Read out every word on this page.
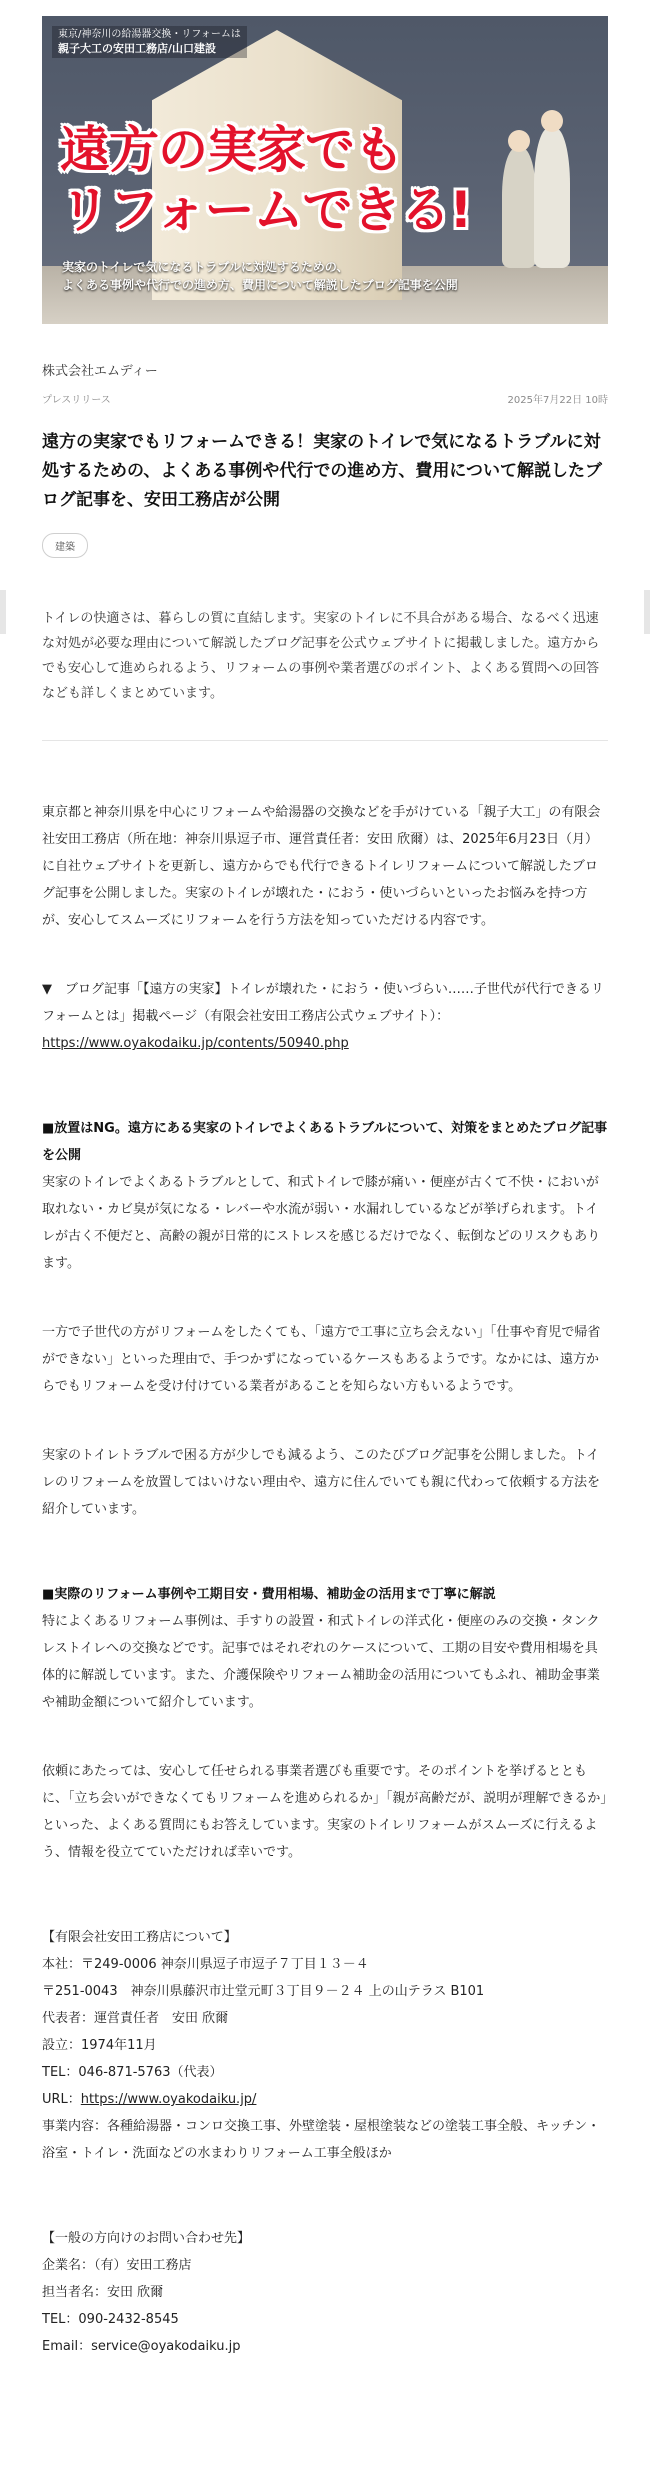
東京/神奈川の給湯器交換・リフォームは
親子大工の安田工務店/山口建設
遠方の実家でも
リフォームできる!
実家のトイレで気になるトラブルに対処するための、
よくある事例や代行での進め方、費用について解説したブログ記事を公開
株式会社エムディー
プレスリリース	2025年7月22日 10時
遠方の実家でもリフォームできる！実家のトイレで気になるトラブルに対処するための、よくある事例や代行での進め方、費用について解説したブログ記事を、安田工務店が公開
建築

トイレの快適さは、暮らしの質に直結します。実家のトイレに不具合がある場合、なるべく迅速な対処が必要な理由について解説したブログ記事を公式ウェブサイトに掲載しました。遠方からでも安心して進められるよう、リフォームの事例や業者選びのポイント、よくある質問への回答なども詳しくまとめています。

東京都と神奈川県を中心にリフォームや給湯器の交換などを手がけている「親子大工」の有限会社安田工務店（所在地：神奈川県逗子市、運営責任者：安田 欣爾）は、2025年6月23日（月）に自社ウェブサイトを更新し、遠方からでも代行できるトイレリフォームについて解説したブログ記事を公開しました。実家のトイレが壊れた・におう・使いづらいといったお悩みを持つ方が、安心してスムーズにリフォームを行う方法を知っていただける内容です。

▼　ブログ記事「【遠方の実家】トイレが壊れた・におう・使いづらい……子世代が代行できるリフォームとは」掲載ページ（有限会社安田工務店公式ウェブサイト）：
https://www.oyakodaiku.jp/contents/50940.php

■放置はNG。遠方にある実家のトイレでよくあるトラブルについて、対策をまとめたブログ記事を公開

実家のトイレでよくあるトラブルとして、和式トイレで膝が痛い・便座が古くて不快・においが取れない・カビ臭が気になる・レバーや水流が弱い・水漏れしているなどが挙げられます。トイレが古く不便だと、高齢の親が日常的にストレスを感じるだけでなく、転倒などのリスクもあります。

一方で子世代の方がリフォームをしたくても、「遠方で工事に立ち会えない」「仕事や育児で帰省ができない」といった理由で、手つかずになっているケースもあるようです。なかには、遠方からでもリフォームを受け付けている業者があることを知らない方もいるようです。

実家のトイレトラブルで困る方が少しでも減るよう、このたびブログ記事を公開しました。トイレのリフォームを放置してはいけない理由や、遠方に住んでいても親に代わって依頼する方法を紹介しています。

■実際のリフォーム事例や工期目安・費用相場、補助金の活用まで丁寧に解説

特によくあるリフォーム事例は、手すりの設置・和式トイレの洋式化・便座のみの交換・タンクレストイレへの交換などです。記事ではそれぞれのケースについて、工期の目安や費用相場を具体的に解説しています。また、介護保険やリフォーム補助金の活用についてもふれ、補助金事業や補助金額について紹介しています。

依頼にあたっては、安心して任せられる事業者選びも重要です。そのポイントを挙げるとともに、「立ち会いができなくてもリフォームを進められるか」「親が高齢だが、説明が理解できるか」といった、よくある質問にもお答えしています。実家のトイレリフォームがスムーズに行えるよう、情報を役立てていただければ幸いです。

【有限会社安田工務店について】

本社：〒249-0006 神奈川県逗子市逗子７丁目１３－４

〒251-0043　神奈川県藤沢市辻堂元町３丁目９－２４ 上の山テラス B101

代表者：運営責任者　安田 欣爾

設立：1974年11月

TEL：046-871-5763（代表）

URL：https://www.oyakodaiku.jp/

事業内容：各種給湯器・コンロ交換工事、外壁塗装・屋根塗装などの塗装工事全般、キッチン・浴室・トイレ・洗面などの水まわりリフォーム工事全般ほか

【一般の方向けのお問い合わせ先】

企業名：（有）安田工務店

担当者名：安田 欣爾

TEL：090-2432-8545

Email：service@oyakodaiku.jp
